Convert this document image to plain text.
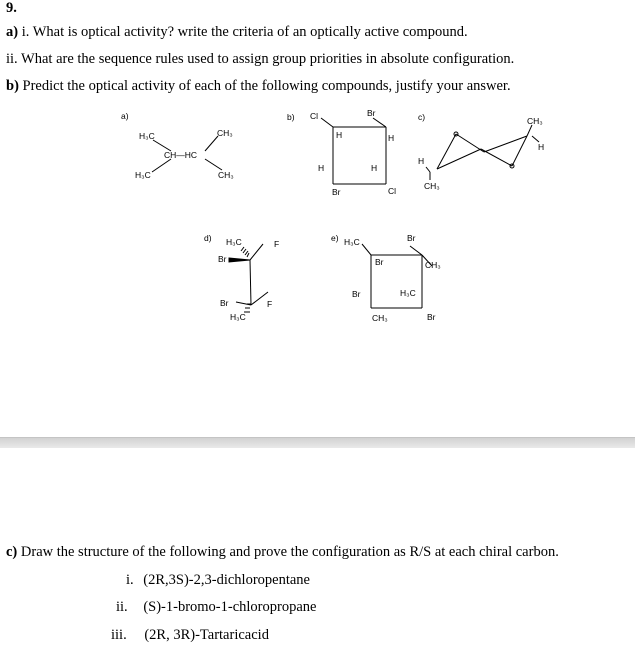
9.
a) i. What is optical activity? write the criteria of an optically active compound.
ii. What are the sequence rules used to assign group priorities in absolute configuration.
b) Predict the optical activity of each of the following compounds, justify your answer.
a)
H₃C	CH₃
CH—HC
H₃C	CH₃
b) Cl	Br
H	H
H	H
Br	Cl
c)	CH₃
H
H
CH₃
d) H₃C	F
Br
Br	F
H₃C
e) H₃C	Br
Br	CH₃
Br	H₃C
CH₃	Br
c) Draw the structure of the following and prove the configuration as R/S at each chiral carbon.
i. (2R,3S)-2,3-dichloropentane
ii. (S)-1-bromo-1-chloropropane
iii. (2R, 3R)-Tartaricacid
